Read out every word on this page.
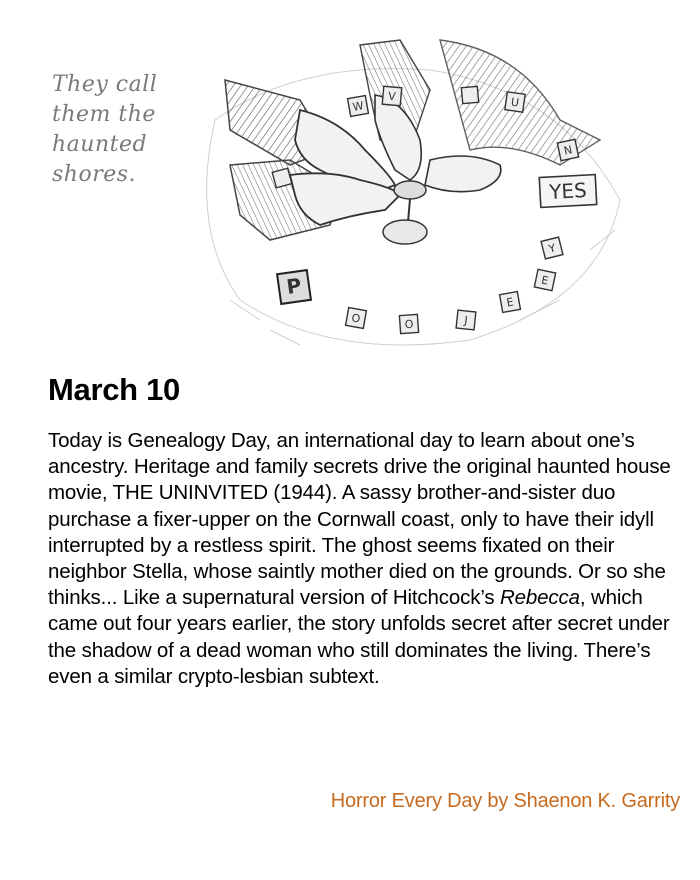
W
V	U
N
P
O	O	J
E
E
Y
YES
They call
them the
haunted
shores.
March 10

Today is Genealogy Day, an international day to learn about one’s ancestry. Heritage and family secrets drive the original haunted house movie, THE UNINVITED (1944). A sassy brother-and-sister duo purchase a fixer-upper on the Cornwall coast, only to have their idyll interrupted by a restless spirit. The ghost seems fixated on their neighbor Stella, whose saintly mother died on the grounds. Or so she thinks... Like a supernatural version of Hitchcock’s Rebecca, which came out four years earlier, the story unfolds secret after secret under the shadow of a dead woman who still dominates the living. There’s even a similar crypto-lesbian subtext.

Horror Every Day by Shaenon K. Garrity
